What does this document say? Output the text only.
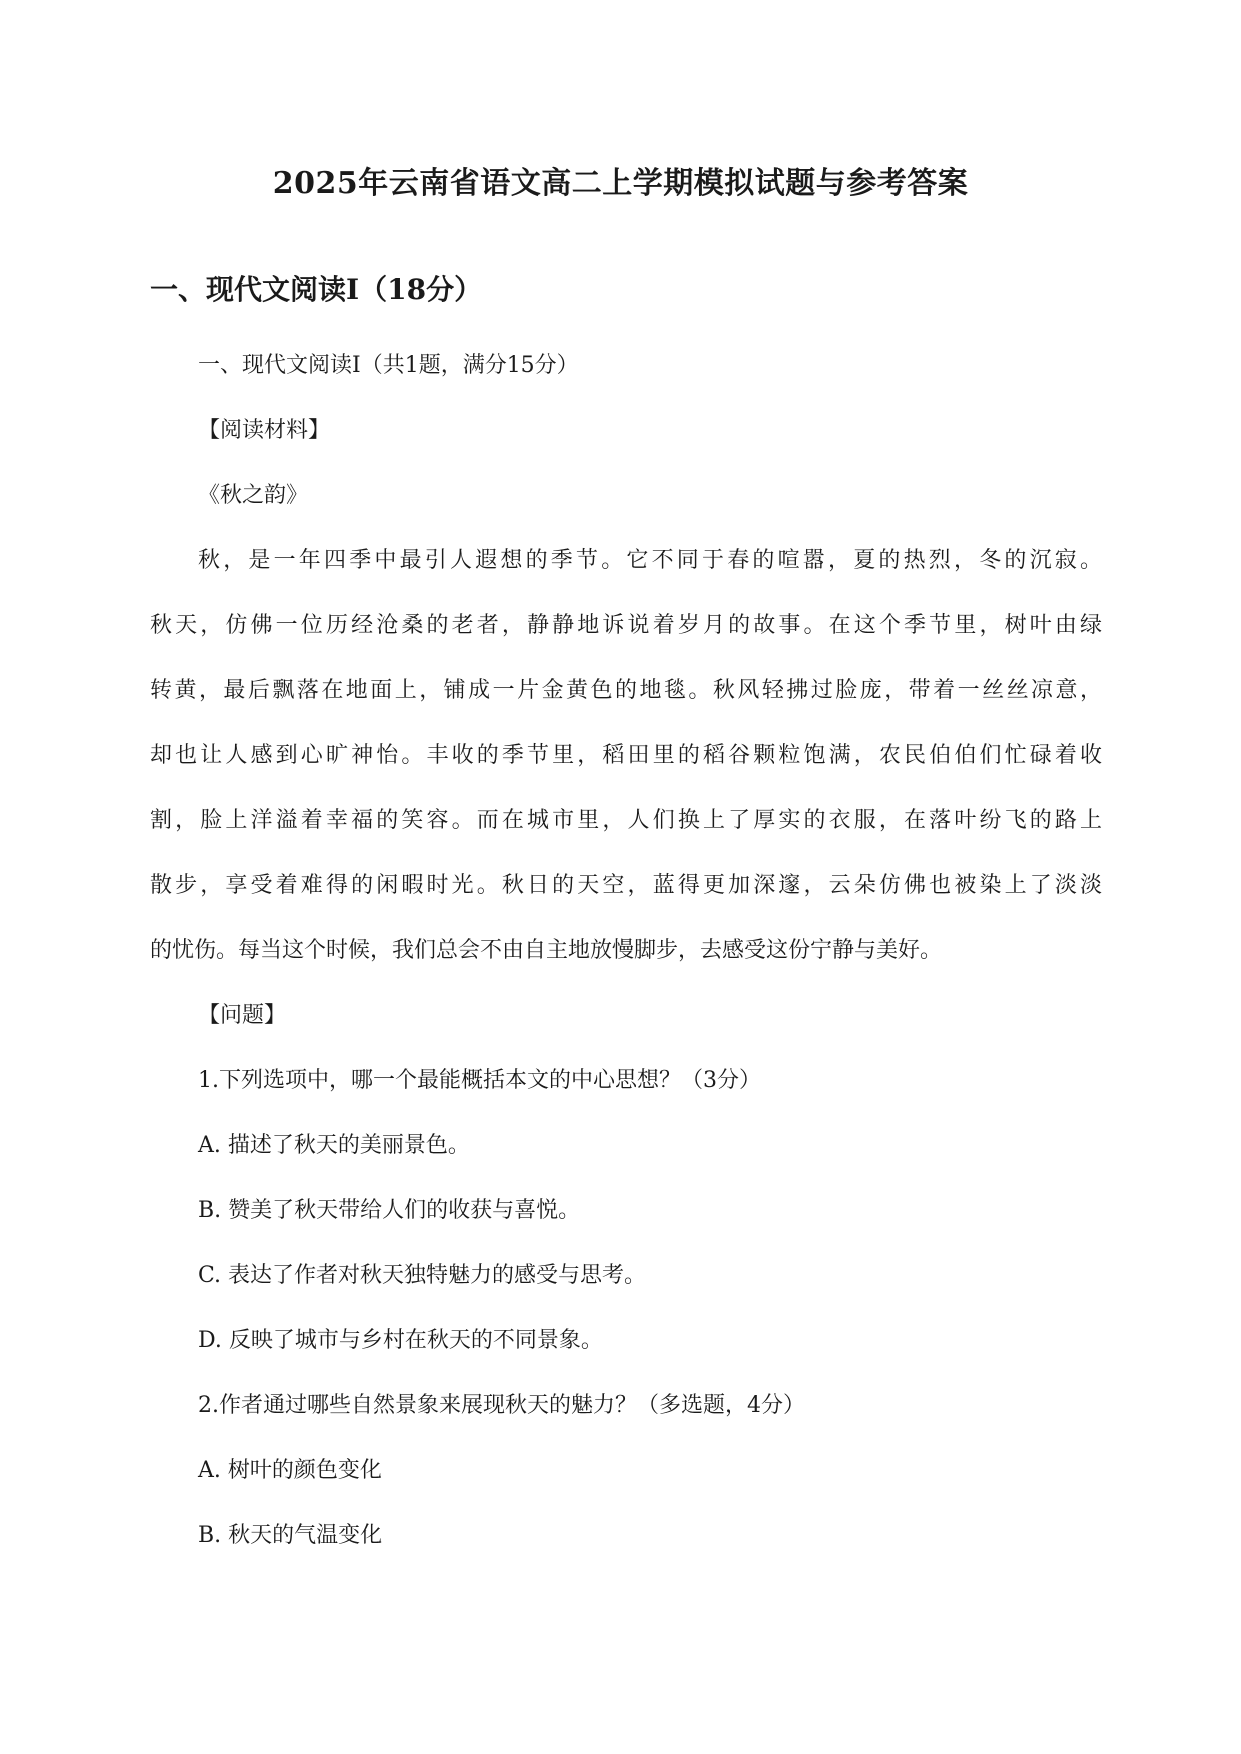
2025年云南省语文高二上学期模拟试题与参考答案
一、现代文阅读Ⅰ（18分）
一、现代文阅读Ⅰ（共1题，满分15分）
【阅读材料】
《秋之韵》
秋，是一年四季中最引人遐想的季节。它不同于春的喧嚣，夏的热烈，冬的沉寂。
秋天，仿佛一位历经沧桑的老者，静静地诉说着岁月的故事。在这个季节里，树叶由绿
转黄，最后飘落在地面上，铺成一片金黄色的地毯。秋风轻拂过脸庞，带着一丝丝凉意，
却也让人感到心旷神怡。丰收的季节里，稻田里的稻谷颗粒饱满，农民伯伯们忙碌着收
割，脸上洋溢着幸福的笑容。而在城市里，人们换上了厚实的衣服，在落叶纷飞的路上
散步，享受着难得的闲暇时光。秋日的天空，蓝得更加深邃，云朵仿佛也被染上了淡淡
的忧伤。每当这个时候，我们总会不由自主地放慢脚步，去感受这份宁静与美好。
【问题】
1.下列选项中，哪一个最能概括本文的中心思想？（3分）
A. 描述了秋天的美丽景色。
B. 赞美了秋天带给人们的收获与喜悦。
C. 表达了作者对秋天独特魅力的感受与思考。
D. 反映了城市与乡村在秋天的不同景象。
2.作者通过哪些自然景象来展现秋天的魅力？（多选题，4分）
A. 树叶的颜色变化
B. 秋天的气温变化
